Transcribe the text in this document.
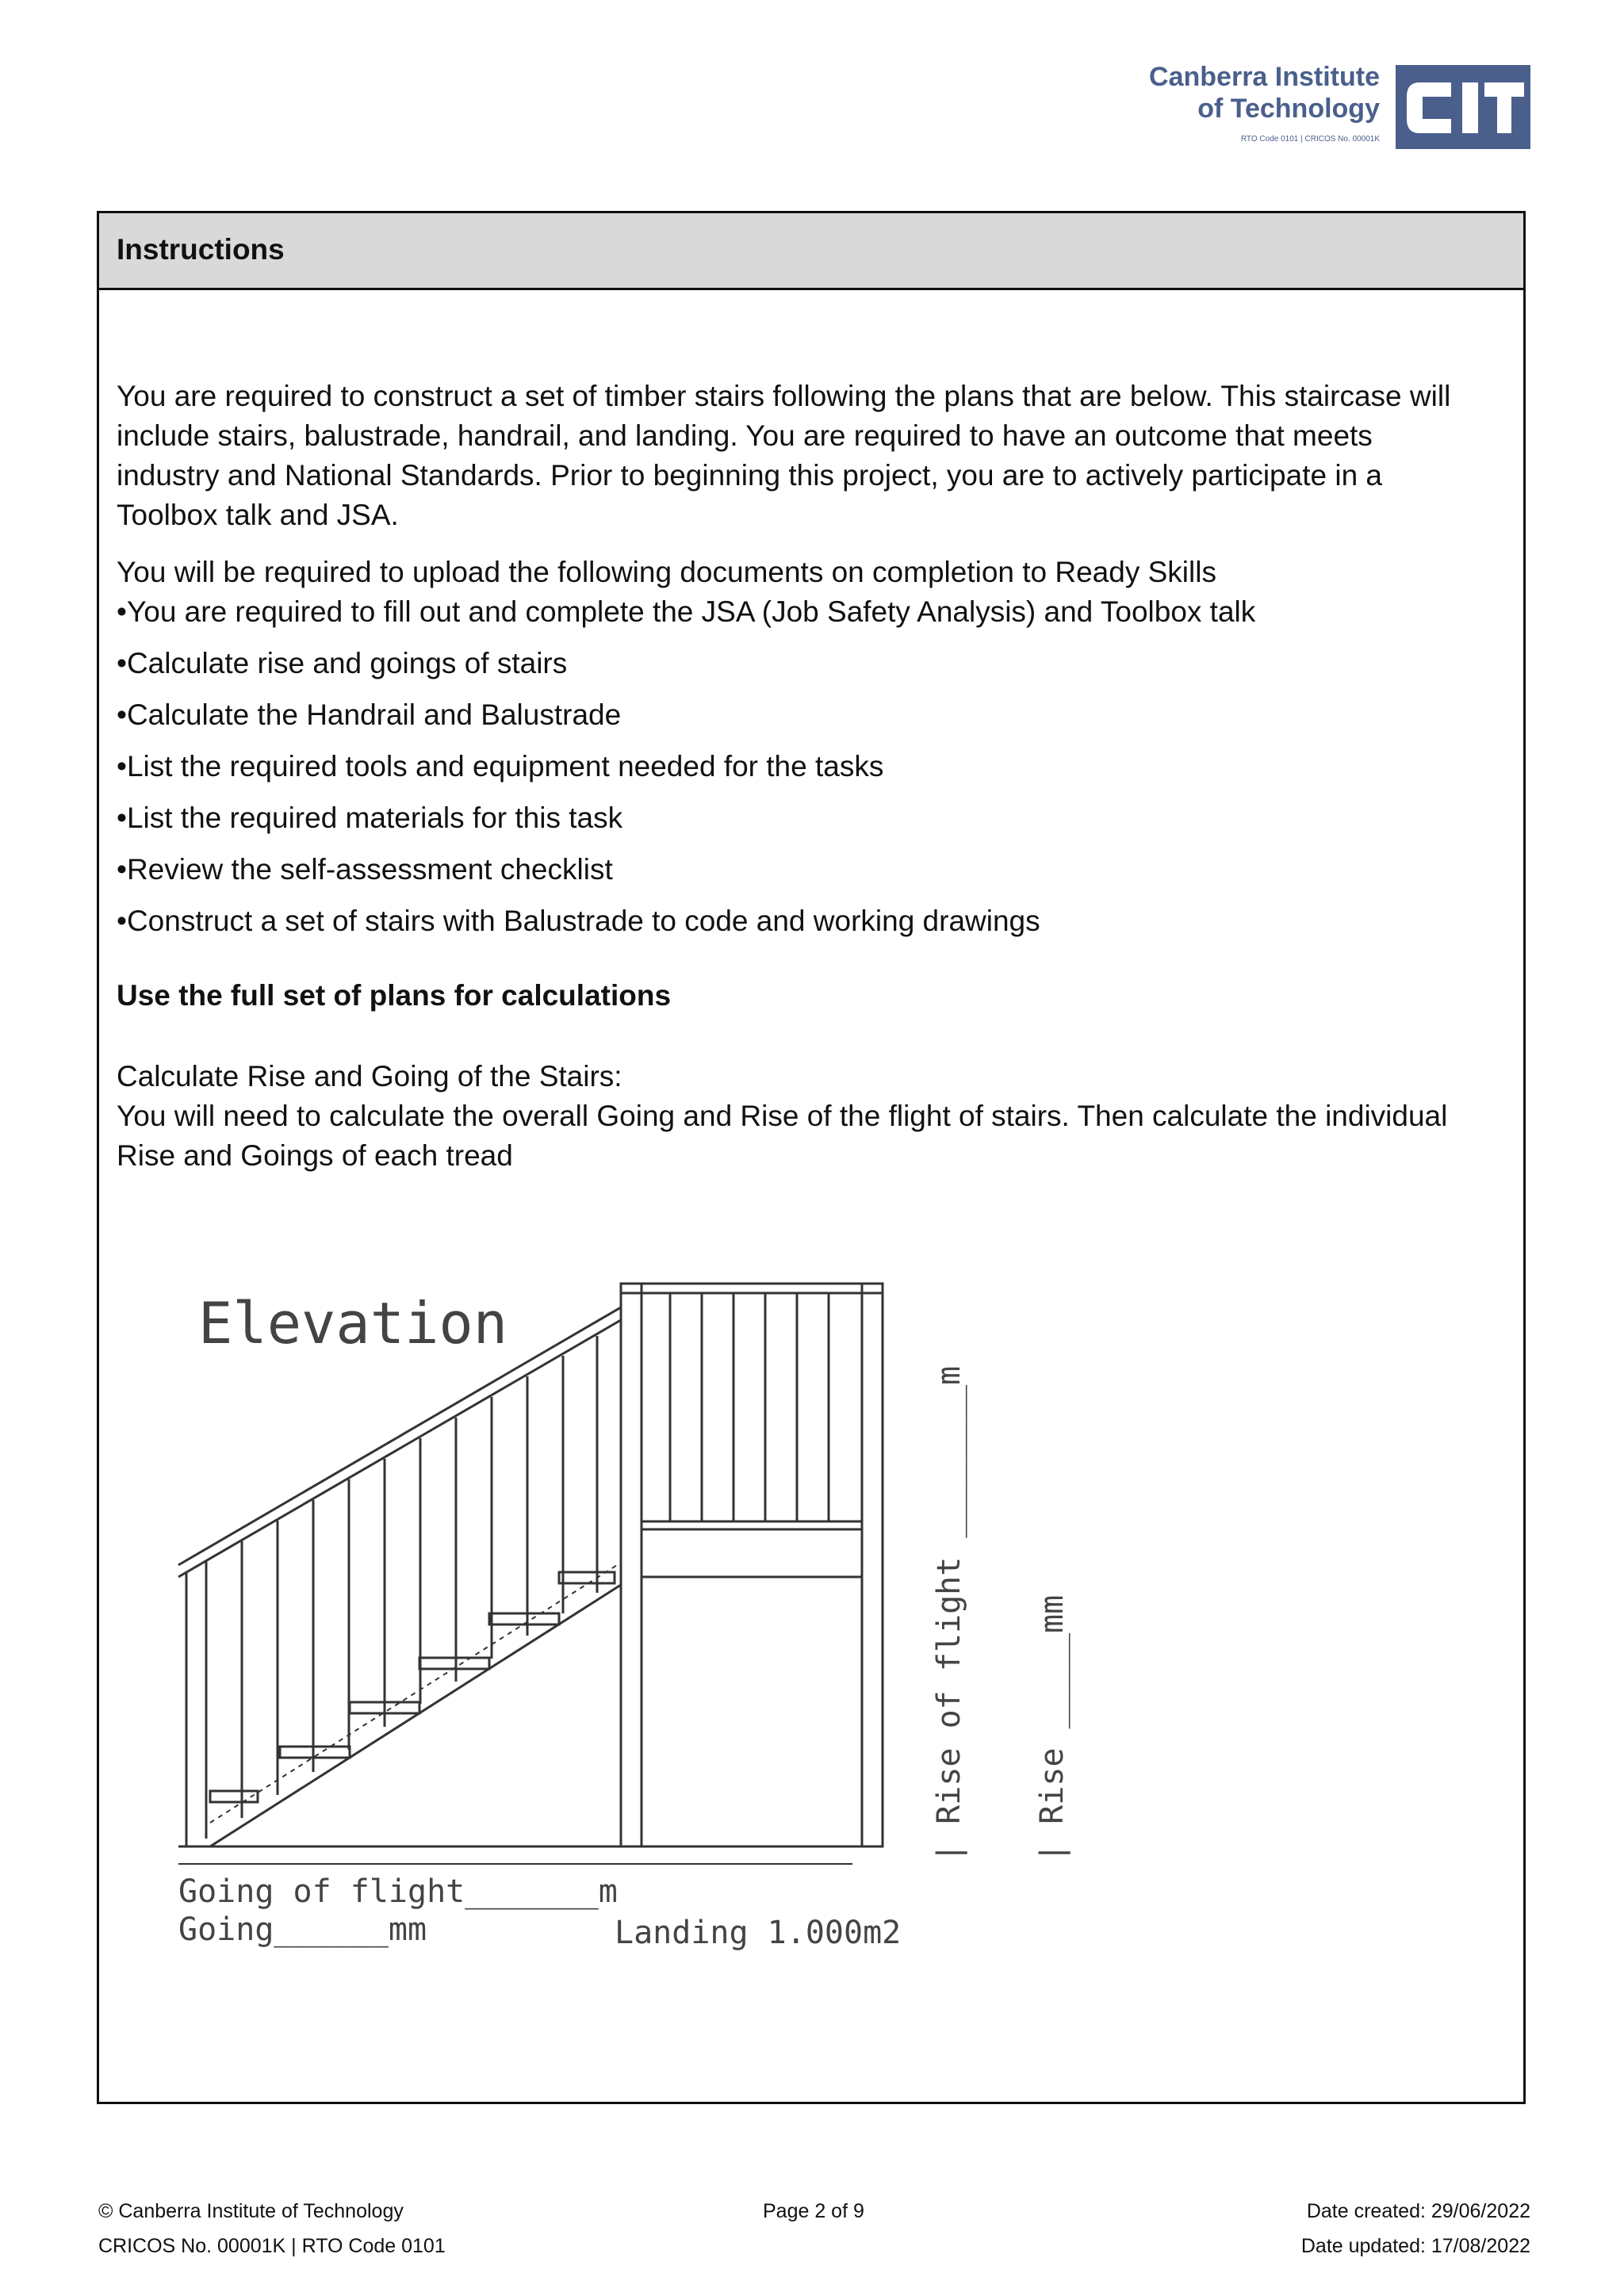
Canberra Institute
of Technology
RTO Code 0101 | CRICOS No. 00001K
Instructions
You are required to construct a set of timber stairs following the plans that are below. This staircase will
include stairs, balustrade, handrail, and landing. You are required to have an outcome that meets
industry and National Standards. Prior to beginning this project, you are to actively participate in a
Toolbox talk and JSA.
You will be required to upload the following documents on completion to Ready Skills
•You are required to fill out and complete the JSA (Job Safety Analysis) and Toolbox talk
•Calculate rise and goings of stairs
•Calculate the Handrail and Balustrade
•List the required tools and equipment needed for the tasks
•List the required materials for this task
•Review the self-assessment checklist
•Construct a set of stairs with Balustrade to code and working drawings
Use the full set of plans for calculations
Calculate Rise and Going of the Stairs:
You will need to calculate the overall Going and Rise of the flight of stairs. Then calculate the individual
Rise and Goings of each tread
Elevation
Going of flight_______m
Going______mm	Landing 1.000m2
| Rise of flight ________m | Rise _____mm
© Canberra Institute of Technology
CRICOS No. 00001K | RTO Code 0101
Page 2 of 9	Date created: 29/06/2022
Date updated: 17/08/2022
